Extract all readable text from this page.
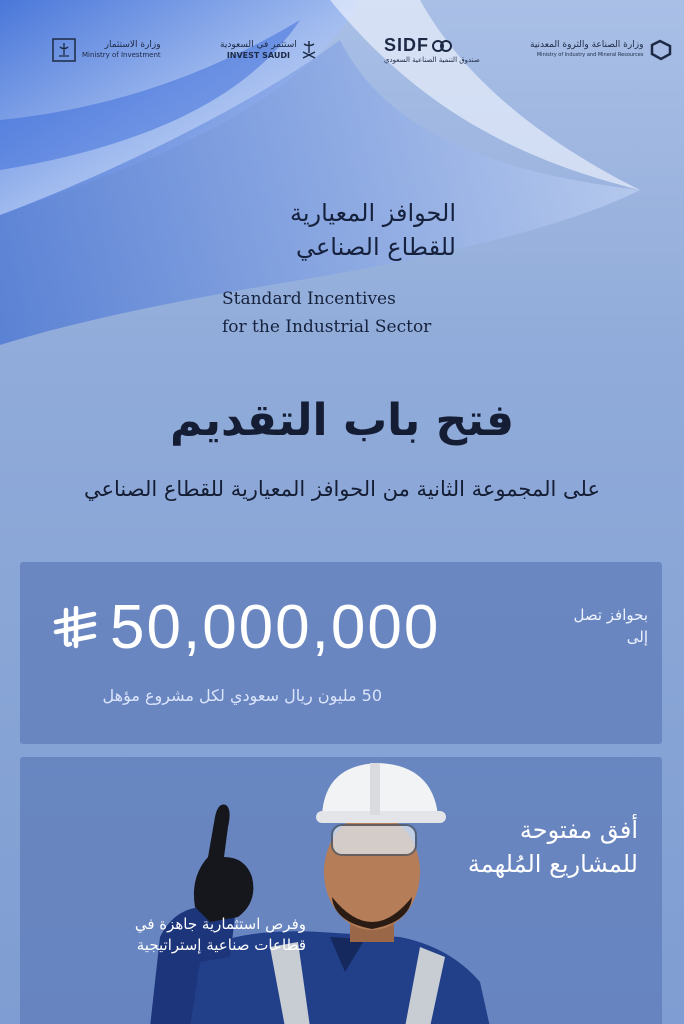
وزارة الاستثمار
Ministry of Investment
استثمر في السعودية
INVEST SAUDI
SIDF
صندوق التنمية الصناعية السعودي
وزارة الصناعة والثروة المعدنية
Ministry of Industry and Mineral Resources
الحوافز المعيارية
للقطاع الصناعي
Standard Incentives
for the Industrial Sector
فتح باب التقديم
على المجموعة الثانية من الحوافز المعيارية للقطاع الصناعي
بحوافز تصل
إلى
50,000,000
50 مليون ريال سعودي لكل مشروع مؤهل
أفق مفتوحة
للمشاريع المُلهمة
وفرص استثمارية جاهزة في
قطاعات صناعية إستراتيجية
